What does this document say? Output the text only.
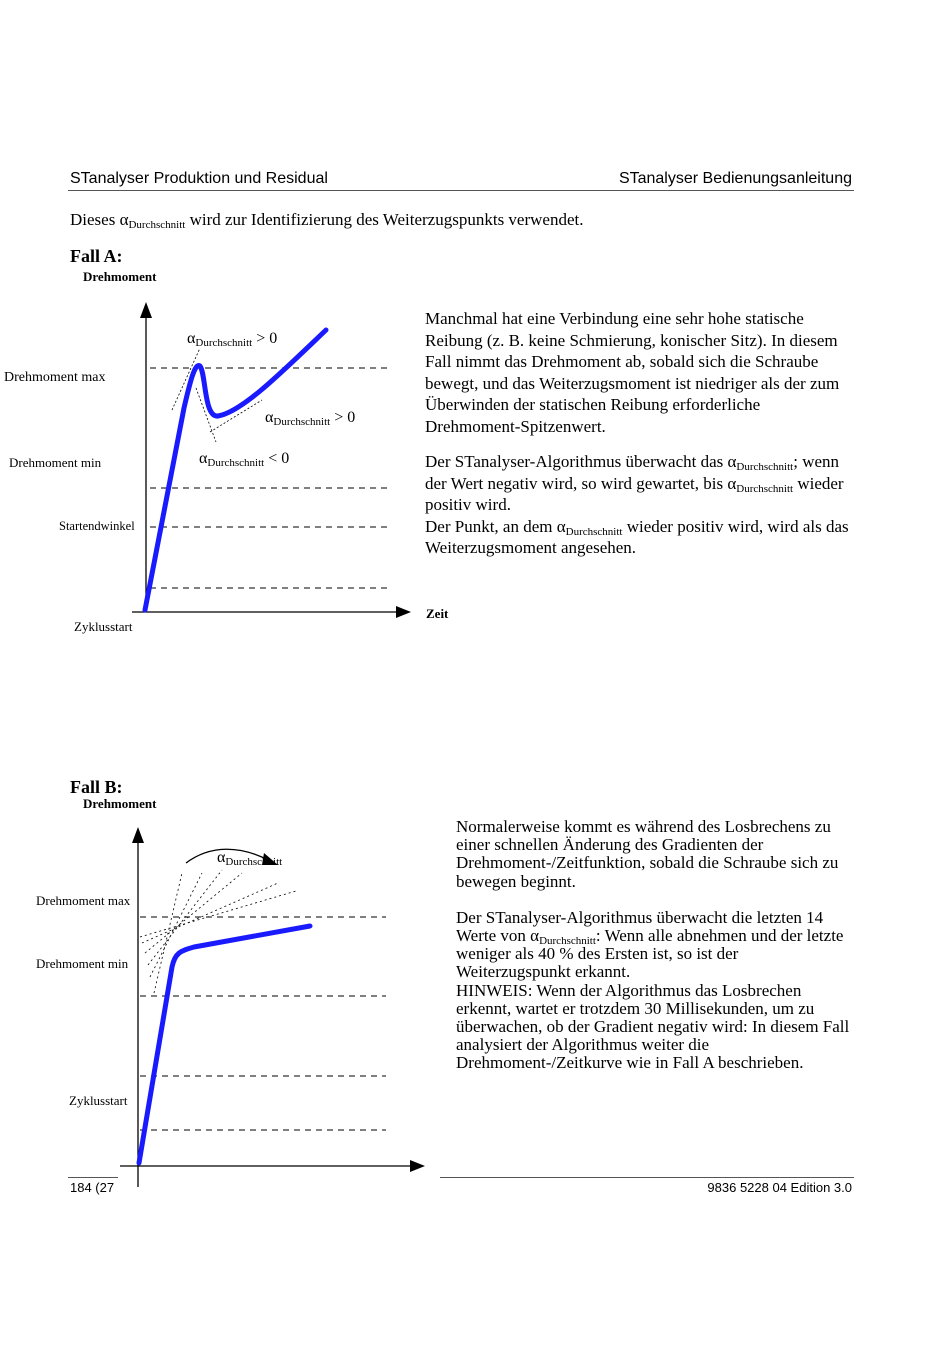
STanalyser Produktion und Residual	STanalyser Bedienungsanleitung
Dieses $\alpha_{Durchschnitt}$ wird zur Identifizierung des Weiterzugspunkts verwendet.
Fall A:
Drehmoment
αDurchschnitt > 0
αDurchschnitt > 0
αDurchschnitt < 0
Drehmoment max
Drehmoment min
Startendwinkel
Zyklusstart
Zeit
Manchmal hat eine Verbindung eine sehr hohe statische Reibung (z. B. keine Schmierung, konischer Sitz). In diesem Fall nimmt das Drehmoment ab, sobald sich die Schraube bewegt, und das Weiterzugsmoment ist niedriger als der zum Überwinden der statischen Reibung erforderliche Drehmoment-Spitzenwert.
Der STanalyser-Algorithmus überwacht das $\alpha_{Durchschnitt}$; wenn der Wert negativ wird, so wird gewartet, bis $\alpha_{Durchschnitt}$ wieder positiv wird.
Der Punkt, an dem $\alpha_{Durchschnitt}$ wieder positiv wird, wird als das Weiterzugsmoment angesehen.
Fall B:
Drehmoment
αDurchschnitt
Drehmoment max
Drehmoment min
Zyklusstart
Normalerweise kommt es während des Losbrechens zu einer schnellen Änderung des Gradienten der Drehmoment-/Zeitfunktion, sobald die Schraube sich zu bewegen beginnt.
Der STanalyser-Algorithmus überwacht die letzten 14 Werte von $\alpha_{Durchschnitt}$: Wenn alle abnehmen und der letzte weniger als 40 % des Ersten ist, so ist der Weiterzugspunkt erkannt.
HINWEIS: Wenn der Algorithmus das Losbrechen erkennt, wartet er trotzdem 30 Millisekunden, um zu überwachen, ob der Gradient negativ wird: In diesem Fall analysiert der Algorithmus weiter die Drehmoment-/Zeitkurve wie in Fall A beschrieben.
184 (27	9836 5228 04 Edition 3.0
